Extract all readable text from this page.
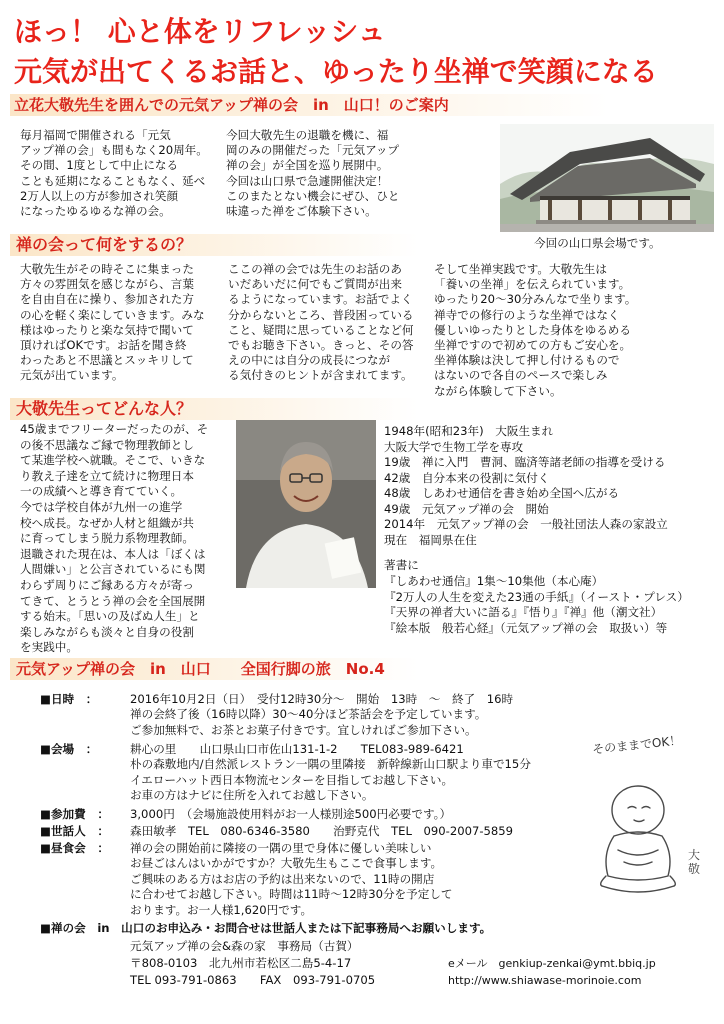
ほっ！ 心と体をリフレッシュ
元気が出てくるお話と、ゆったり坐禅で笑顔になる
立花大敬先生を囲んでの元気アップ禅の会　in　山口！のご案内
毎月福岡で開催される「元気
アップ禅の会」も間もなく20周年。
その間、1度として中止になる
ことも延期になることもなく、延べ
2万人以上の方が参加され笑顔
になったゆるゆるな禅の会。
今回大敬先生の退職を機に、福
岡のみの開催だった「元気アップ
禅の会」が全国を巡り展開中。
今回は山口県で急遽開催決定！
このまたとない機会にぜひ、ひと
味違った禅をご体験下さい。
今回の山口県会場です。
禅の会って何をするの？
大敬先生がその時そこに集まった
方々の雰囲気を感じながら、言葉
を自由自在に操り、参加された方
の心を軽く楽にしていきます。みな
様はゆったりと楽な気持で聞いて
頂ければOKです。お話を聞き終
わったあと不思議とスッキリして
元気が出ています。
ここの禅の会では先生のお話のあ
いだあいだに何でもご質問が出来
るようになっています。お話でよく
分からないところ、普段困っている
こと、疑問に思っていることなど何
でもお聴き下さい。きっと、その答
えの中には自分の成長につなが
る気付きのヒントが含まれてます。
そして坐禅実践です。大敬先生は
「養いの坐禅」を伝えられています。
ゆったり20～30分みんなで坐ります。
禅寺での修行のような坐禅ではなく
優しいゆったりとした身体をゆるめる
坐禅ですので初めての方もご安心を。
坐禅体験は決して押し付けるもので
はないので各自のペースで楽しみ
ながら体験して下さい。
大敬先生ってどんな人？
45歳までフリーターだったのが、そ
の後不思議なご縁で物理教師とし
て某進学校へ就職。そこで、いきな
り教え子達を立て続けに物理日本
一の成績へと導き育てていく。
今では学校自体が九州一の進学
校へ成長。なぜか人材と組織が共
に育ってしまう脱力系物理教師。
退職された現在は、本人は「ぼくは
人間嫌い」と公言されているにも関
わらず周りにご縁ある方々が寄っ
てきて、とうとう禅の会を全国展開
する始末。「思いの及ばぬ人生」と
楽しみながらも淡々と自身の役割
を実践中。
1948年(昭和23年)　大阪生まれ
大阪大学で生物工学を専攻
19歳　禅に入門　曹洞、臨済等諸老師の指導を受ける
42歳　自分本来の役割に気付く
48歳　しあわせ通信を書き始め全国へ広がる
49歳　元気アップ禅の会　開始
2014年　元気アップ禅の会　一般社団法人森の家設立
現在　福岡県在住
著書に
『しあわせ通信』1集～10集他（本心庵）
『2万人の人生を変えた23通の手紙』（イースト・プレス）
『天界の禅者大いに語る』『悟り』『禅』他（潮文社）
『絵本版　般若心経』（元気アップ禅の会　取扱い）等
元気アップ禅の会　in　山口　　全国行脚の旅　No.4
■日時　：	2016年10月2日（日）　受付12時30分～　開始　13時　～　終了　16時
禅の会終了後（16時以降）30～40分ほど茶話会を予定しています。
ご参加無料で、お茶とお菓子付きです。宜しければご参加下さい。
■会場　：	耕心の里　　山口県山口市佐山131-1-2　　TEL083-989-6421
朴の森敷地内/自然派レストラン一隅の里隣接　新幹線新山口駅より車で15分
イエローハット西日本物流センターを目指してお越し下さい。
お車の方はナビに住所を入れてお越し下さい。
■参加費　： 3,000円　（会場施設使用料がお一人様別途500円必要です。）
■世話人　： 森田敏孝　TEL　080-6346-3580　　治野克代　TEL　090-2007-5859
■昼食会　： 禅の会の開始前に隣接の一隅の里で身体に優しい美味しい
お昼ごはんはいかがですか？大敬先生もここで食事します。
ご興味のある方はお店の予約は出来ないので、11時の開店
に合わせてお越し下さい。時間は11時～12時30分を予定して
おります。お一人様1,620円です。
■禅の会　in　山口のお申込み・お問合せは世話人または下記事務局へお願いします。
元気アップ禅の会&森の家　事務局（古賀）
〒808-0103　北九州市若松区二島5-4-17
TEL 093-791-0863　　FAX　093-791-0705
eメール　genkiup-zenkai@ymt.bbiq.jp
http://www.shiawase-morinoie.com
そのままでOK！
大敬
